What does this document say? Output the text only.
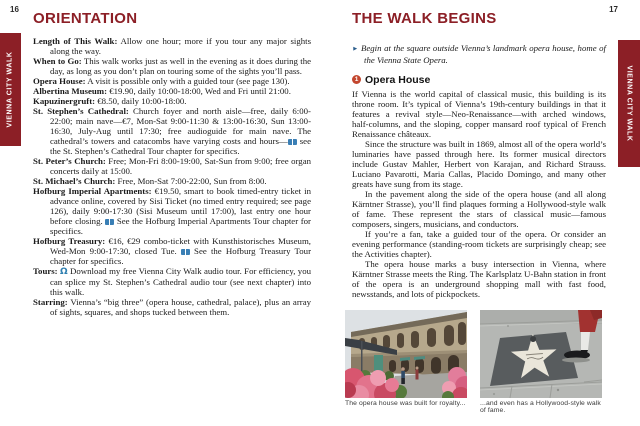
16	17
VIENNA CITY WALK	VIENNA CITY WALK
ORIENTATION

Length of This Walk: Allow one hour; more if you tour any major sights along the way.

When to Go: This walk works just as well in the evening as it does during the day, as long as you don’t plan on touring some of the sights you’ll pass.

Opera House: A visit is possible only with a guided tour (see page 130).

Albertina Museum: €19.90, daily 10:00-18:00, Wed and Fri until 21:00.

Kapuzinergruft: €8.50, daily 10:00-18:00.

St. Stephen’s Cathedral: Church foyer and north aisle—free, daily 6:00-22:00; main nave—€7, Mon-Sat 9:00-11:30 & 13:00-16:30, Sun 13:00-16:30, July-Aug until 17:30; free audioguide for main nave. The cathedral’s towers and catacombs have varying costs and hours— see the St. Stephen’s Cathedral Tour chapter for specifics.

St. Peter’s Church: Free; Mon-Fri 8:00-19:00, Sat-Sun from 9:00; free organ concerts daily at 15:00.

St. Michael’s Church: Free, Mon-Sat 7:00-22:00, Sun from 8:00.

Hofburg Imperial Apartments: €19.50, smart to book timed-entry ticket in advance online, covered by Sisi Ticket (no timed entry required; see page 126), daily 9:00-17:30 (Sisi Museum until 17:00), last entry one hour before closing.  See the Hofburg Imperial Apartments Tour chapter for specifics.

Hofburg Treasury: €16, €29 combo-ticket with Kunsthistorisches Museum, Wed-Mon 9:00-17:30, closed Tue.  See the Hofburg Treasury Tour chapter for specifics.

Tours: Ω Download my free Vienna City Walk audio tour. For efficiency, you can splice my St. Stephen’s Cathedral audio tour (see next chapter) into this walk.

Starring: Vienna’s “big three” (opera house, cathedral, palace), plus an array of sights, squares, and shops tucked between them.

THE WALK BEGINS

► Begin at the square outside Vienna’s landmark opera house, home of the Vienna State Opera.

1 Opera House

If Vienna is the world capital of classical music, this building is its throne room. It’s typical of Vienna’s 19th-century buildings in that it features a revival style—Neo-Renaissance—with arched windows, half-columns, and the sloping, copper mansard roof typical of French Renaissance châteaux.

Since the structure was built in 1869, almost all of the opera world’s luminaries have passed through here. Its former musical directors include Gustav Mahler, Herbert von Karajan, and Richard Strauss. Luciano Pavarotti, Maria Callas, Placido Domingo, and many other greats have sung from its stage.

In the pavement along the side of the opera house (and all along Kärntner Strasse), you’ll find plaques forming a Hollywood-style walk of fame. These represent the stars of classical music—famous composers, singers, musicians, and conductors.

If you’re a fan, take a guided tour of the opera. Or consider an evening performance (standing-room tickets are surprisingly cheap; see the Activities chapter).

The opera house marks a busy intersection in Vienna, where Kärntner Strasse meets the Ring. The Karlsplatz U-Bahn station in front of the opera is an underground shopping mall with fast food, newsstands, and lots of pickpockets.

The opera house was built for royalty... ...and even has a Hollywood-style walk of fame.
